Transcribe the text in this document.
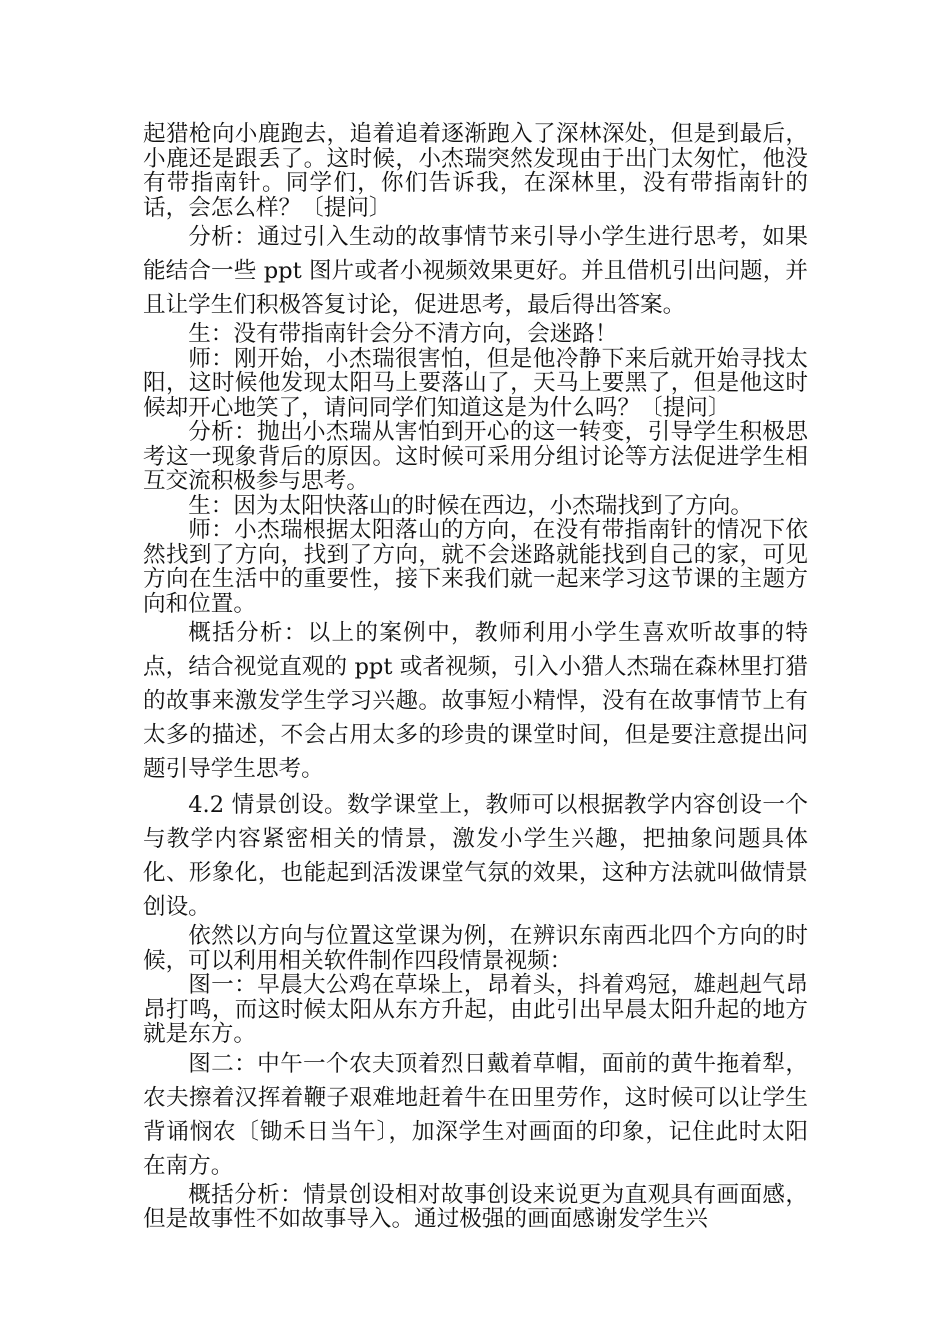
起猎枪向小鹿跑去，追着追着逐渐跑入了深林深处，但是到最后，小鹿还是跟丢了。这时候，小杰瑞突然发现由于出门太匆忙，他没有带指南针。同学们，你们告诉我，在深林里，没有带指南针的话，会怎么样？〔提问〕

分析：通过引入生动的故事情节来引导小学生进行思考，如果能结合一些 ppt 图片或者小视频效果更好。并且借机引出问题，并且让学生们积极答复讨论，促进思考，最后得出答案。

生：没有带指南针会分不清方向，会迷路！

师：刚开始，小杰瑞很害怕，但是他冷静下来后就开始寻找太阳，这时候他发现太阳马上要落山了，天马上要黑了，但是他这时候却开心地笑了，请问同学们知道这是为什么吗？〔提问〕

分析：抛出小杰瑞从害怕到开心的这一转变，引导学生积极思考这一现象背后的原因。这时候可采用分组讨论等方法促进学生相互交流积极参与思考。

生：因为太阳快落山的时候在西边，小杰瑞找到了方向。

师：小杰瑞根据太阳落山的方向，在没有带指南针的情况下依然找到了方向，找到了方向，就不会迷路就能找到自己的家，可见方向在生活中的重要性，接下来我们就一起来学习这节课的主题方向和位置。

概括分析：以上的案例中，教师利用小学生喜欢听故事的特点，结合视觉直观的 ppt 或者视频，引入小猎人杰瑞在森林里打猎的故事来激发学生学习兴趣。故事短小精悍，没有在故事情节上有太多的描述，不会占用太多的珍贵的课堂时间，但是要注意提出问题引导学生思考。

4.2 情景创设。数学课堂上，教师可以根据教学内容创设一个与教学内容紧密相关的情景，激发小学生兴趣，把抽象问题具体化、形象化，也能起到活泼课堂气氛的效果，这种方法就叫做情景创设。

依然以方向与位置这堂课为例，在辨识东南西北四个方向的时候，可以利用相关软件制作四段情景视频：

图一：早晨大公鸡在草垛上，昂着头，抖着鸡冠，雄赳赳气昂昂打鸣，而这时候太阳从东方升起，由此引出早晨太阳升起的地方就是东方。

图二：中午一个农夫顶着烈日戴着草帽，面前的黄牛拖着犁，农夫擦着汉挥着鞭子艰难地赶着牛在田里劳作，这时候可以让学生背诵悯农〔锄禾日当午〕，加深学生对画面的印象，记住此时太阳在南方。

概括分析：情景创设相对故事创设来说更为直观具有画面感，但是故事性不如故事导入。通过极强的画面感谢发学生兴
